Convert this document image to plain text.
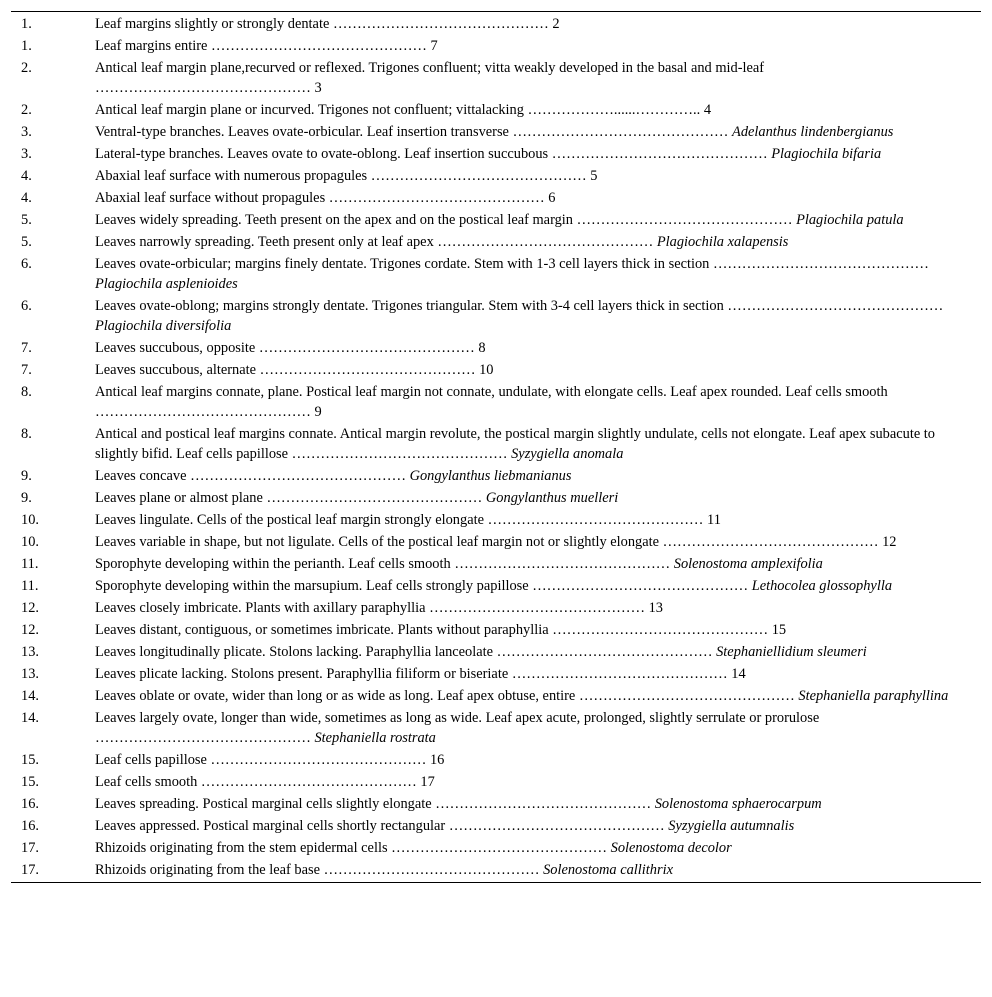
1.	Leaf margins slightly or strongly dentate ……………………………………… 2
1.	Leaf margins entire ……………………………………… 7
2.	Antical leaf margin plane,recurved or reflexed. Trigones confluent; vitta weakly developed in the basal and mid-leaf ……………………………………… 3
2.	Antical leaf margin plane or incurved. Trigones not confluent; vittalacking ………………......………….. 4
3.	Ventral-type branches. Leaves ovate-orbicular. Leaf insertion transverse ……………………………………… Adelanthus lindenbergianus
3.	Lateral-type branches. Leaves ovate to ovate-oblong. Leaf insertion succubous ……………………………………… Plagiochila bifaria
4.	Abaxial leaf surface with numerous propagules ……………………………………… 5
4.	Abaxial leaf surface without propagules ……………………………………… 6
5.	Leaves widely spreading. Teeth present on the apex and on the postical leaf margin ……………………………………… Plagiochila patula
5.	Leaves narrowly spreading. Teeth present only at leaf apex ……………………………………… Plagiochila xalapensis
6.	Leaves ovate-orbicular; margins finely dentate. Trigones cordate. Stem with 1-3 cell layers thick in section ……………………………………… Plagiochila asplenioides
6.	Leaves ovate-oblong; margins strongly dentate. Trigones triangular. Stem with 3-4 cell layers thick in section ……………………………………… Plagiochila diversifolia
7.	Leaves succubous, opposite ……………………………………… 8
7.	Leaves succubous, alternate ……………………………………… 10
8.	Antical leaf margins connate, plane. Postical leaf margin not connate, undulate, with elongate cells. Leaf apex rounded. Leaf cells smooth ……………………………………… 9
8.	Antical and postical leaf margins connate. Antical margin revolute, the postical margin slightly undulate, cells not elongate. Leaf apex subacute to slightly bifid. Leaf cells papillose ……………………………………… Syzygiella anomala
9.	Leaves concave ……………………………………… Gongylanthus liebmanianus
9.	Leaves plane or almost plane ……………………………………… Gongylanthus muelleri
10.	Leaves lingulate. Cells of the postical leaf margin strongly elongate ……………………………………… 11
10.	Leaves variable in shape, but not ligulate. Cells of the postical leaf margin not or slightly elongate ……………………………………… 12
11.	Sporophyte developing within the perianth. Leaf cells smooth ……………………………………… Solenostoma amplexifolia
11.	Sporophyte developing within the marsupium. Leaf cells strongly papillose ……………………………………… Lethocolea glossophylla
12.	Leaves closely imbricate. Plants with axillary paraphyllia ……………………………………… 13
12.	Leaves distant, contiguous, or sometimes imbricate. Plants without paraphyllia ……………………………………… 15
13.	Leaves longitudinally plicate. Stolons lacking. Paraphyllia lanceolate ……………………………………… Stephaniellidium sleumeri
13.	Leaves plicate lacking. Stolons present. Paraphyllia filiform or biseriate ……………………………………… 14
14.	Leaves oblate or ovate, wider than long or as wide as long. Leaf apex obtuse, entire ……………………………………… Stephaniella paraphyllina
14.	Leaves largely ovate, longer than wide, sometimes as long as wide. Leaf apex acute, prolonged, slightly serrulate or prorulose ……………………………………… Stephaniella rostrata
15.	Leaf cells papillose ……………………………………… 16
15.	Leaf cells smooth ……………………………………… 17
16.	Leaves spreading. Postical marginal cells slightly elongate ……………………………………… Solenostoma sphaerocarpum
16.	Leaves appressed. Postical marginal cells shortly rectangular ……………………………………… Syzygiella autumnalis
17.	Rhizoids originating from the stem epidermal cells ……………………………………… Solenostoma decolor
17.	Rhizoids originating from the leaf base ……………………………………… Solenostoma callithrix
